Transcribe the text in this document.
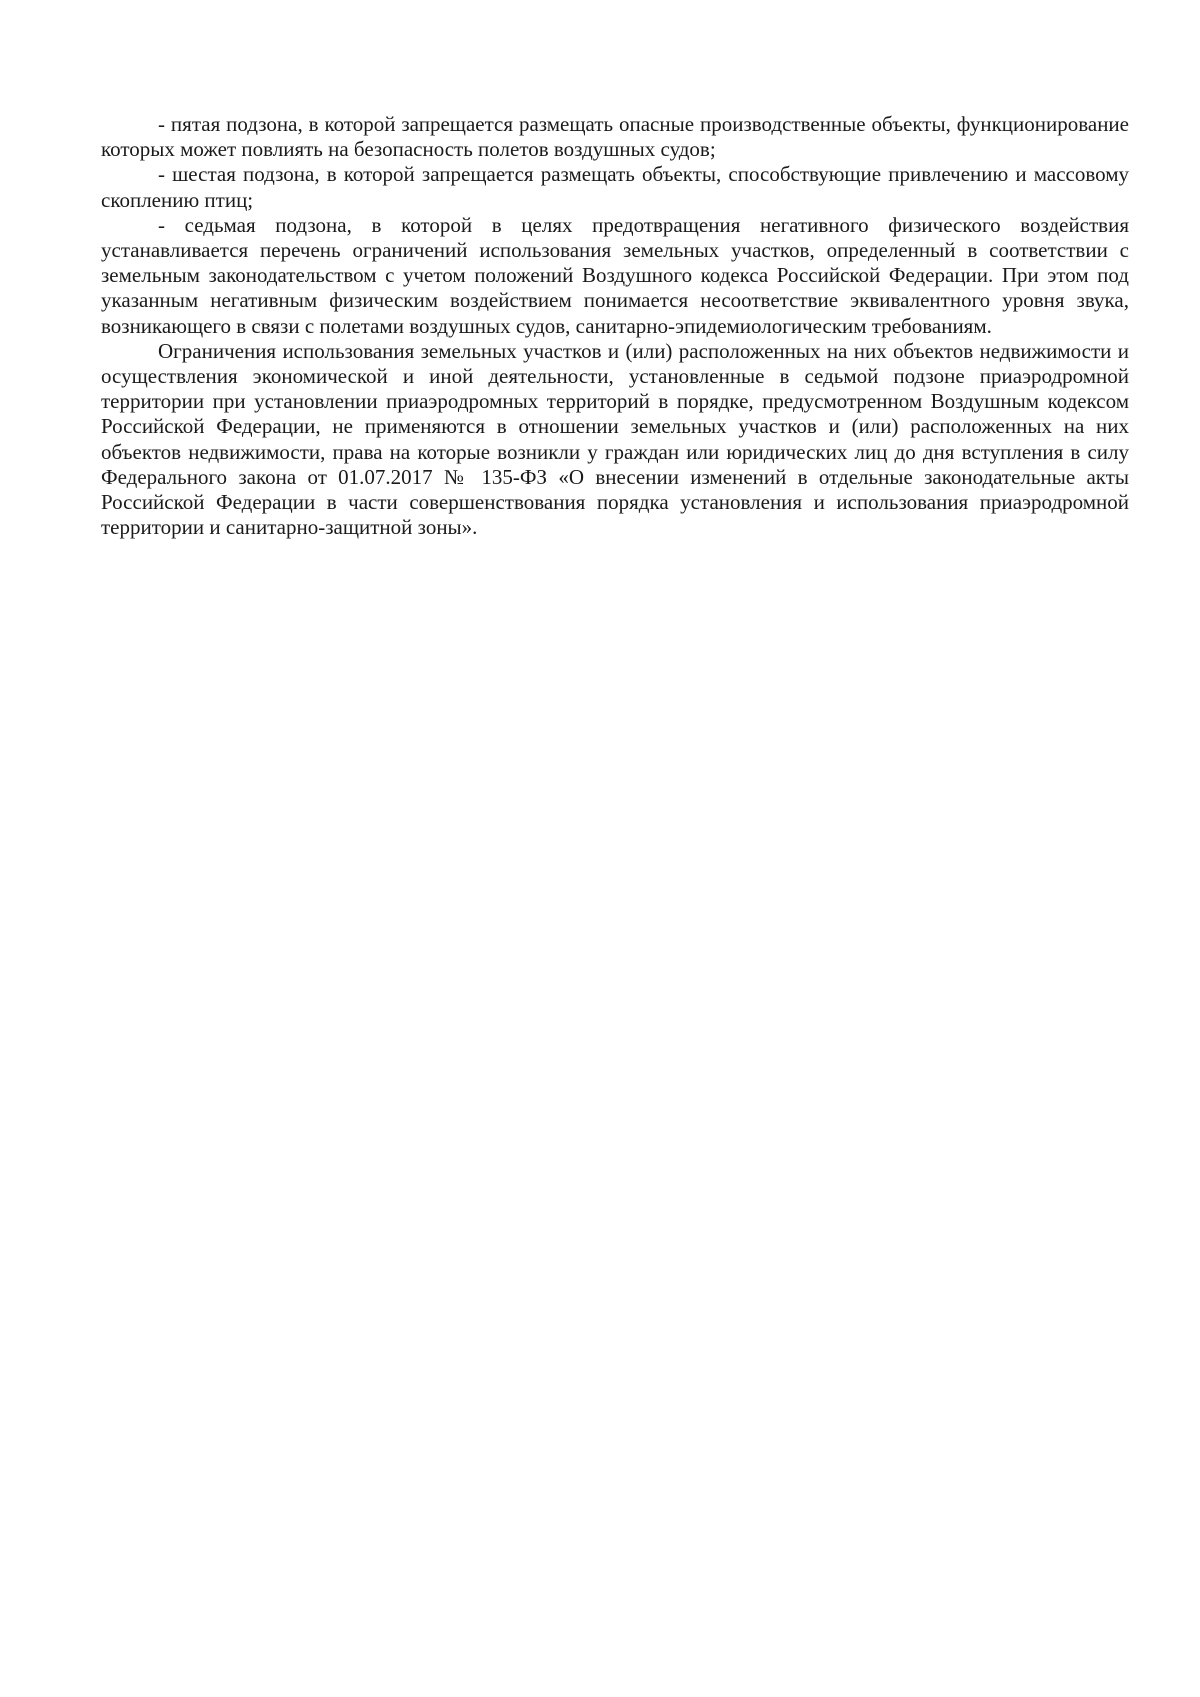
- пятая подзона, в которой запрещается размещать опасные производственные объекты, функционирование которых может повлиять на безопасность полетов воздушных судов;

- шестая подзона, в которой запрещается размещать объекты, способствующие привлечению и массовому скоплению птиц;

- седьмая подзона, в которой в целях предотвращения негативного физического воздействия устанавливается перечень ограничений использования земельных участков, определенный в соответствии с земельным законодательством с учетом положений Воздушного кодекса Российской Федерации. При этом под указанным негативным физическим воздействием понимается несоответствие эквивалентного уровня звука, возникающего в связи с полетами воздушных судов, санитарно-эпидемиологическим требованиям.

Ограничения использования земельных участков и (или) расположенных на них объектов недвижимости и осуществления экономической и иной деятельности, установленные в седьмой подзоне приаэродромной территории при установлении приаэродромных территорий в порядке, предусмотренном Воздушным кодексом Российской Федерации, не применяются в отношении земельных участков и (или) расположенных на них объектов недвижимости, права на которые возникли у граждан или юридических лиц до дня вступления в силу Федерального закона от 01.07.2017 № 135-ФЗ «О внесении изменений в отдельные законодательные акты Российской Федерации в части совершенствования порядка установления и использования приаэродромной территории и санитарно-защитной зоны».
